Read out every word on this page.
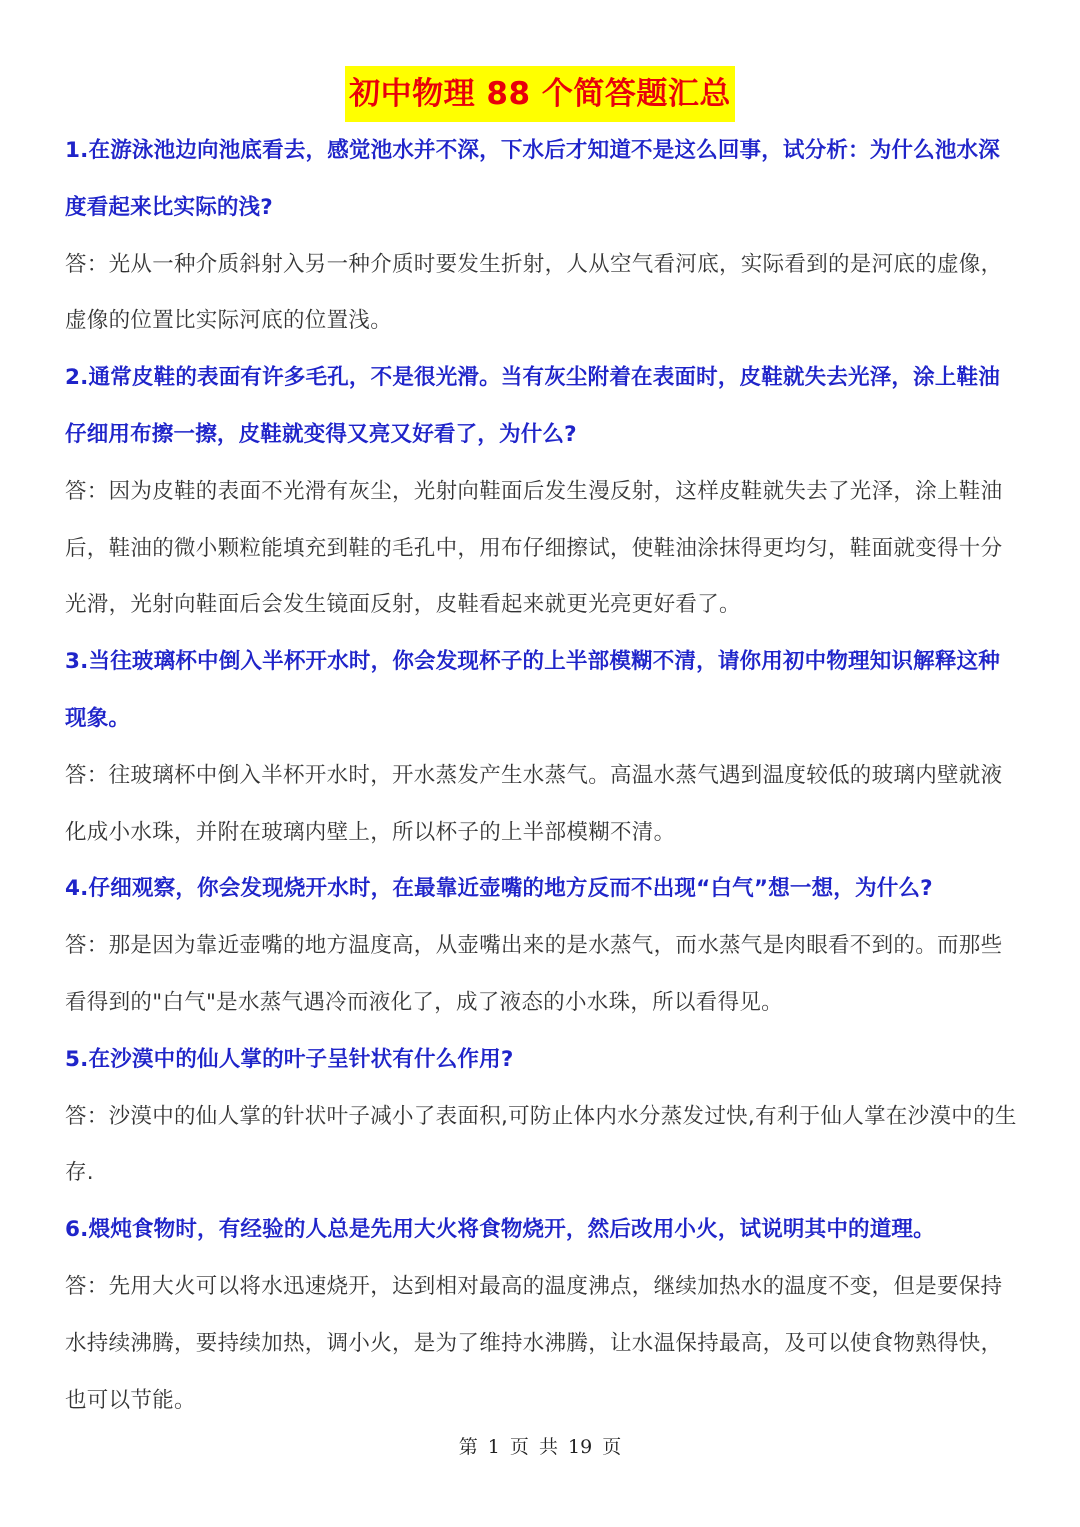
初中物理 88 个简答题汇总

1.在游泳池边向池底看去，感觉池水并不深，下水后才知道不是这么回事，试分析：为什么池水深度看起来比实际的浅?

答：光从一种介质斜射入另一种介质时要发生折射，人从空气看河底，实际看到的是河底的虚像，虚像的位置比实际河底的位置浅。

2.通常皮鞋的表面有许多毛孔，不是很光滑。当有灰尘附着在表面时，皮鞋就失去光泽，涂上鞋油仔细用布擦一擦，皮鞋就变得又亮又好看了，为什么?

答：因为皮鞋的表面不光滑有灰尘，光射向鞋面后发生漫反射，这样皮鞋就失去了光泽，涂上鞋油后，鞋油的微小颗粒能填充到鞋的毛孔中，用布仔细擦试，使鞋油涂抹得更均匀，鞋面就变得十分光滑，光射向鞋面后会发生镜面反射，皮鞋看起来就更光亮更好看了。

3.当往玻璃杯中倒入半杯开水时，你会发现杯子的上半部模糊不清，请你用初中物理知识解释这种现象。

答：往玻璃杯中倒入半杯开水时，开水蒸发产生水蒸气。高温水蒸气遇到温度较低的玻璃内壁就液化成小水珠，并附在玻璃内壁上，所以杯子的上半部模糊不清。

4.仔细观察，你会发现烧开水时，在最靠近壶嘴的地方反而不出现“白气”想一想，为什么?

答：那是因为靠近壶嘴的地方温度高，从壶嘴出来的是水蒸气，而水蒸气是肉眼看不到的。而那些看得到的"白气"是水蒸气遇冷而液化了，成了液态的小水珠，所以看得见。

5.在沙漠中的仙人掌的叶子呈针状有什么作用?

答：沙漠中的仙人掌的针状叶子减小了表面积,可防止体内水分蒸发过快,有利于仙人掌在沙漠中的生存.

6.煨炖食物时，有经验的人总是先用大火将食物烧开，然后改用小火，试说明其中的道理。

答：先用大火可以将水迅速烧开，达到相对最高的温度沸点，继续加热水的温度不变，但是要保持水持续沸腾，要持续加热，调小火，是为了维持水沸腾，让水温保持最高，及可以使食物熟得快，也可以节能。

第 1 页 共 19 页
